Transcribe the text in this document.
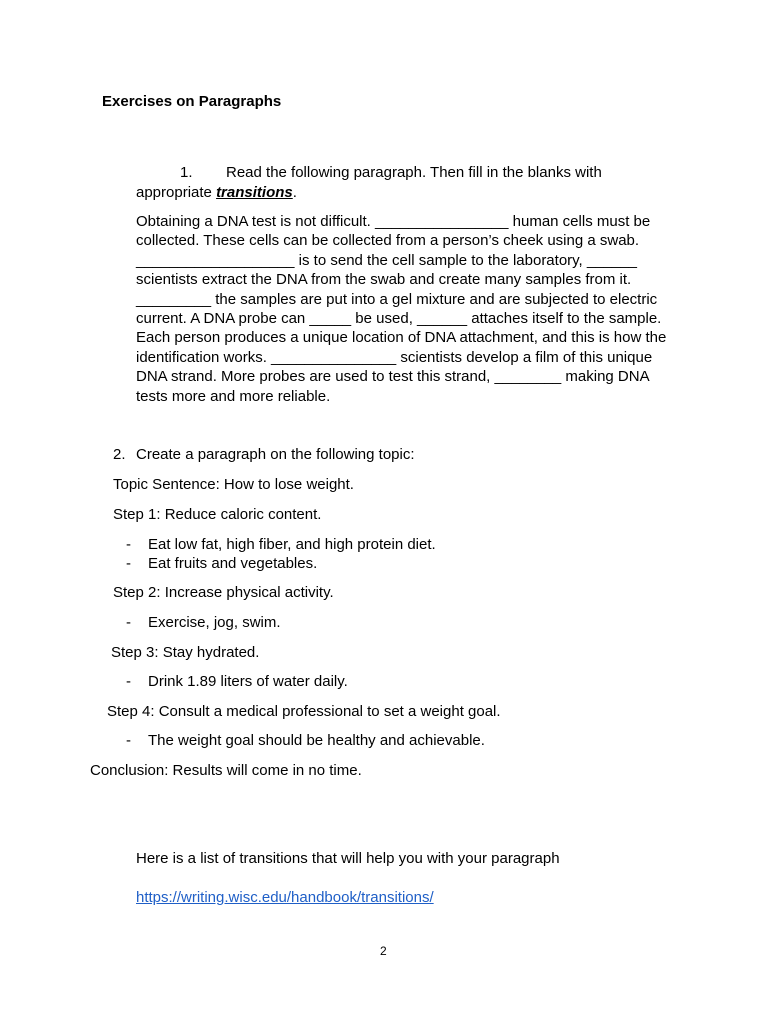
Exercises on Paragraphs
1. Read the following paragraph. Then fill in the blanks with
appropriate transitions.
Obtaining a DNA test is not difficult. ________________ human cells must be
collected. These cells can be collected from a person’s cheek using a swab.
___________________ is to send the cell sample to the laboratory, ______
scientists extract the DNA from the swab and create many samples from it.
_________ the samples are put into a gel mixture and are subjected to electric
current. A DNA probe can _____ be used, ______ attaches itself to the sample.
Each person produces a unique location of DNA attachment, and this is how the
identification works. _______________ scientists develop a film of this unique
DNA strand. More probes are used to test this strand, ________ making DNA
tests more and more reliable.
2. Create a paragraph on the following topic:
Topic Sentence: How to lose weight.
Step 1: Reduce caloric content.
- Eat low fat, high fiber, and high protein diet.
- Eat fruits and vegetables.
Step 2: Increase physical activity.
- Exercise, jog, swim.
Step 3: Stay hydrated.
- Drink 1.89 liters of water daily.
Step 4: Consult a medical professional to set a weight goal.
- The weight goal should be healthy and achievable.
Conclusion: Results will come in no time.
Here is a list of transitions that will help you with your paragraph
https://writing.wisc.edu/handbook/transitions/
2
